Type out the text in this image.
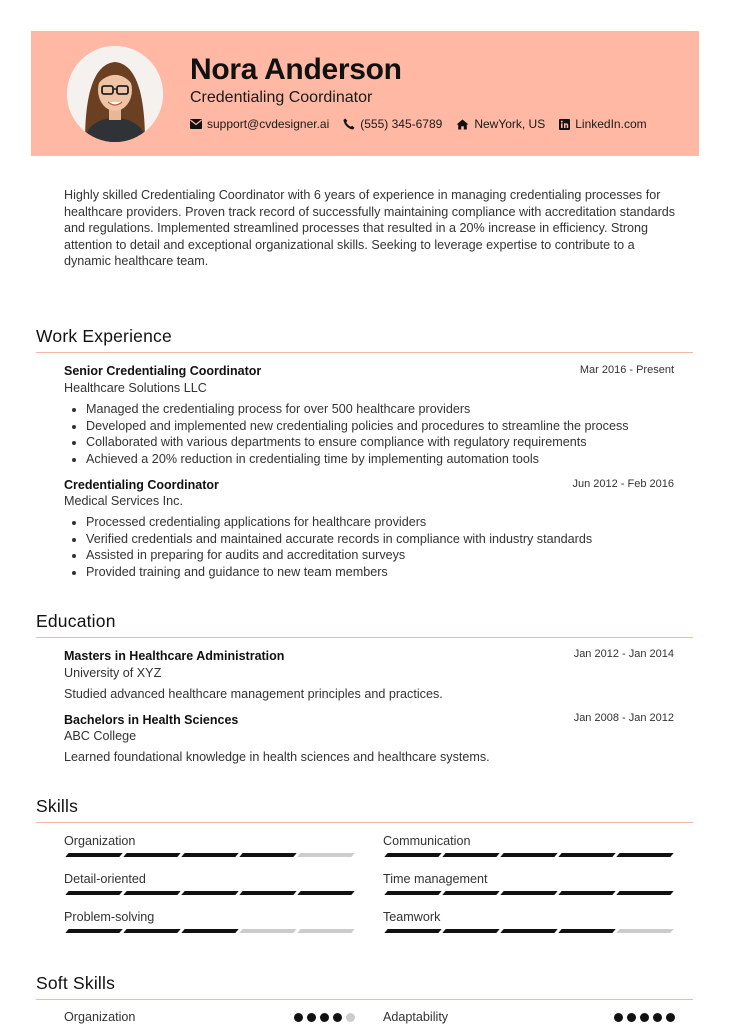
Nora Anderson
Credentialing Coordinator
support@cvdesigner.ai	(555) 345-6789	NewYork, US	LinkedIn.com
Highly skilled Credentialing Coordinator with 6 years of experience in managing credentialing processes for healthcare providers. Proven track record of successfully maintaining compliance with accreditation standards and regulations. Implemented streamlined processes that resulted in a 20% increase in efficiency. Strong attention to detail and exceptional organizational skills. Seeking to leverage expertise to contribute to a dynamic healthcare team.
Work Experience
Senior Credentialing Coordinator	Mar 2016 - Present
Healthcare Solutions LLC
• Managed the credentialing process for over 500 healthcare providers
• Developed and implemented new credentialing policies and procedures to streamline the process
• Collaborated with various departments to ensure compliance with regulatory requirements
• Achieved a 20% reduction in credentialing time by implementing automation tools
Credentialing Coordinator	Jun 2012 - Feb 2016
Medical Services Inc.
• Processed credentialing applications for healthcare providers
• Verified credentials and maintained accurate records in compliance with industry standards
• Assisted in preparing for audits and accreditation surveys
• Provided training and guidance to new team members
Education
Masters in Healthcare Administration	Jan 2012 - Jan 2014
University of XYZ
Studied advanced healthcare management principles and practices.
Bachelors in Health Sciences	Jan 2008 - Jan 2012
ABC College
Learned foundational knowledge in health sciences and healthcare systems.
Skills
Organization	Communication
Detail-oriented	Time management
Problem-solving	Teamwork
Soft Skills
Organization	Adaptability
